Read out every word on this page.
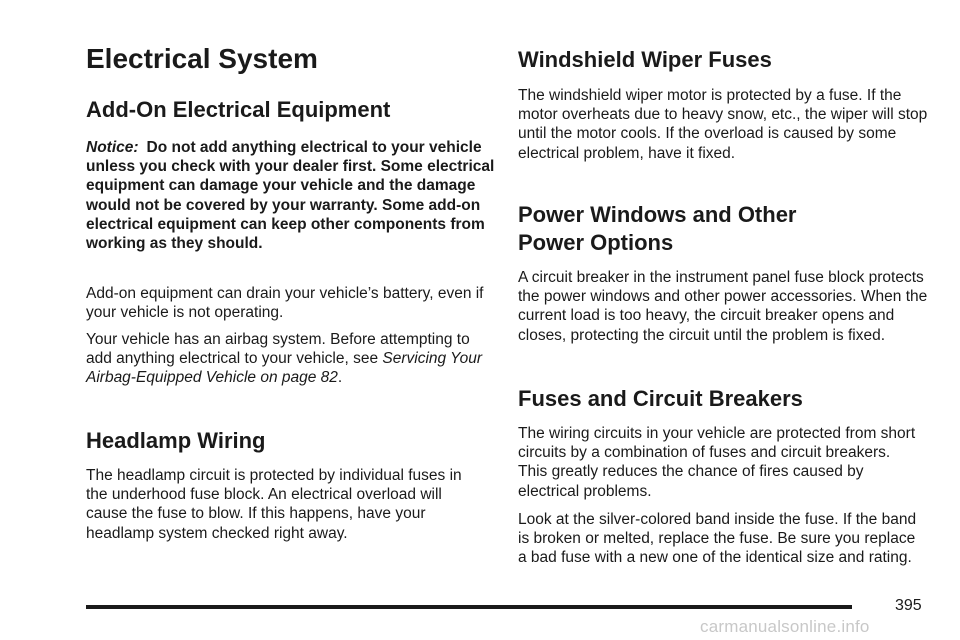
Electrical System
Add-On Electrical Equipment

Notice: Do not add anything electrical to your vehicle unless you check with your dealer first. Some electrical equipment can damage your vehicle and the damage would not be covered by your warranty. Some add-on electrical equipment can keep other components from working as they should.

Add-on equipment can drain your vehicle’s battery, even if your vehicle is not operating.

Your vehicle has an airbag system. Before attempting to add anything electrical to your vehicle, see Servicing Your Airbag-Equipped Vehicle on page 82.

Headlamp Wiring

The headlamp circuit is protected by individual fuses in the underhood fuse block. An electrical overload will cause the fuse to blow. If this happens, have your headlamp system checked right away.

Windshield Wiper Fuses

The windshield wiper motor is protected by a fuse. If the motor overheats due to heavy snow, etc., the wiper will stop until the motor cools. If the overload is caused by some electrical problem, have it fixed.

Power Windows and Other
Power Options

A circuit breaker in the instrument panel fuse block protects the power windows and other power accessories. When the current load is too heavy, the circuit breaker opens and closes, protecting the circuit until the problem is fixed.

Fuses and Circuit Breakers

The wiring circuits in your vehicle are protected from short circuits by a combination of fuses and circuit breakers. This greatly reduces the chance of fires caused by electrical problems.

Look at the silver-colored band inside the fuse. If the band is broken or melted, replace the fuse. Be sure you replace a bad fuse with a new one of the identical size and rating.

395
carmanualsonline.info
